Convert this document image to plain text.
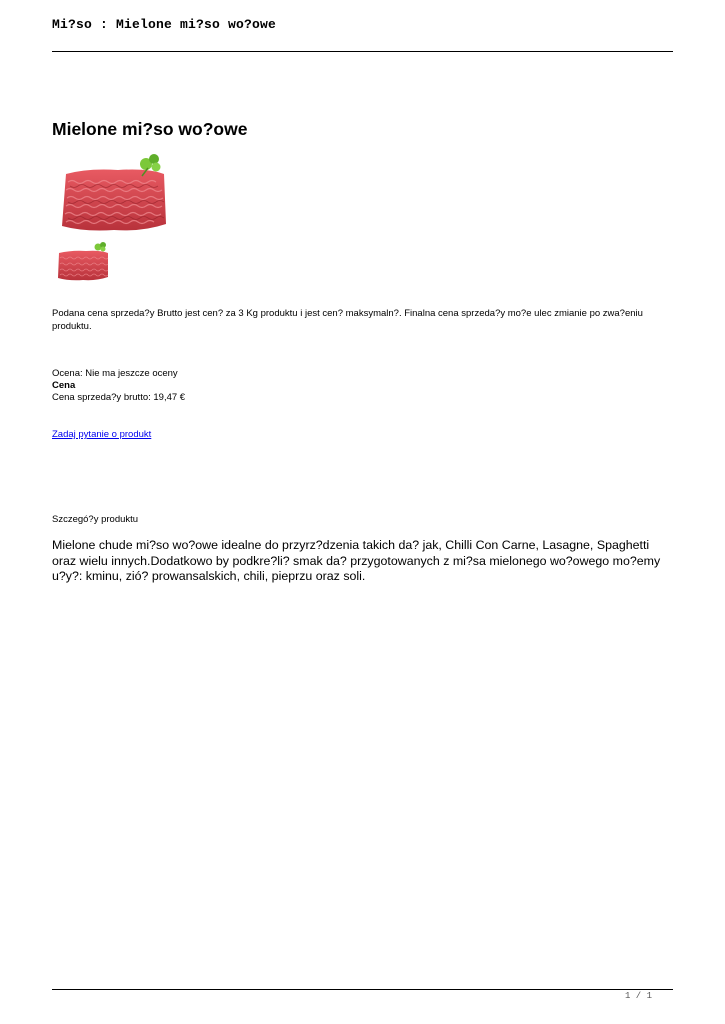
Mi?so : Mielone mi?so wo?owe
Mielone mi?so wo?owe

Podana cena sprzeda?y Brutto jest cen? za 3 Kg produktu i jest cen? maksymaln?. Finalna cena sprzeda?y mo?e ulec zmianie po zwa?eniu produktu.

Ocena: Nie ma jeszcze oceny
Cena
Cena sprzeda?y brutto: 19,47 €
Zadaj pytanie o produkt
Szczegó?y produktu

Mielone chude mi?so wo?owe idealne do przyrz?dzenia takich da? jak, Chilli Con Carne, Lasagne, Spaghetti oraz wielu innych.Dodatkowo by podkre?li? smak da? przygotowanych z mi?sa mielonego wo?owego mo?emy u?y?: kminu, zió? prowansalskich, chili, pieprzu oraz soli.

1 / 1
